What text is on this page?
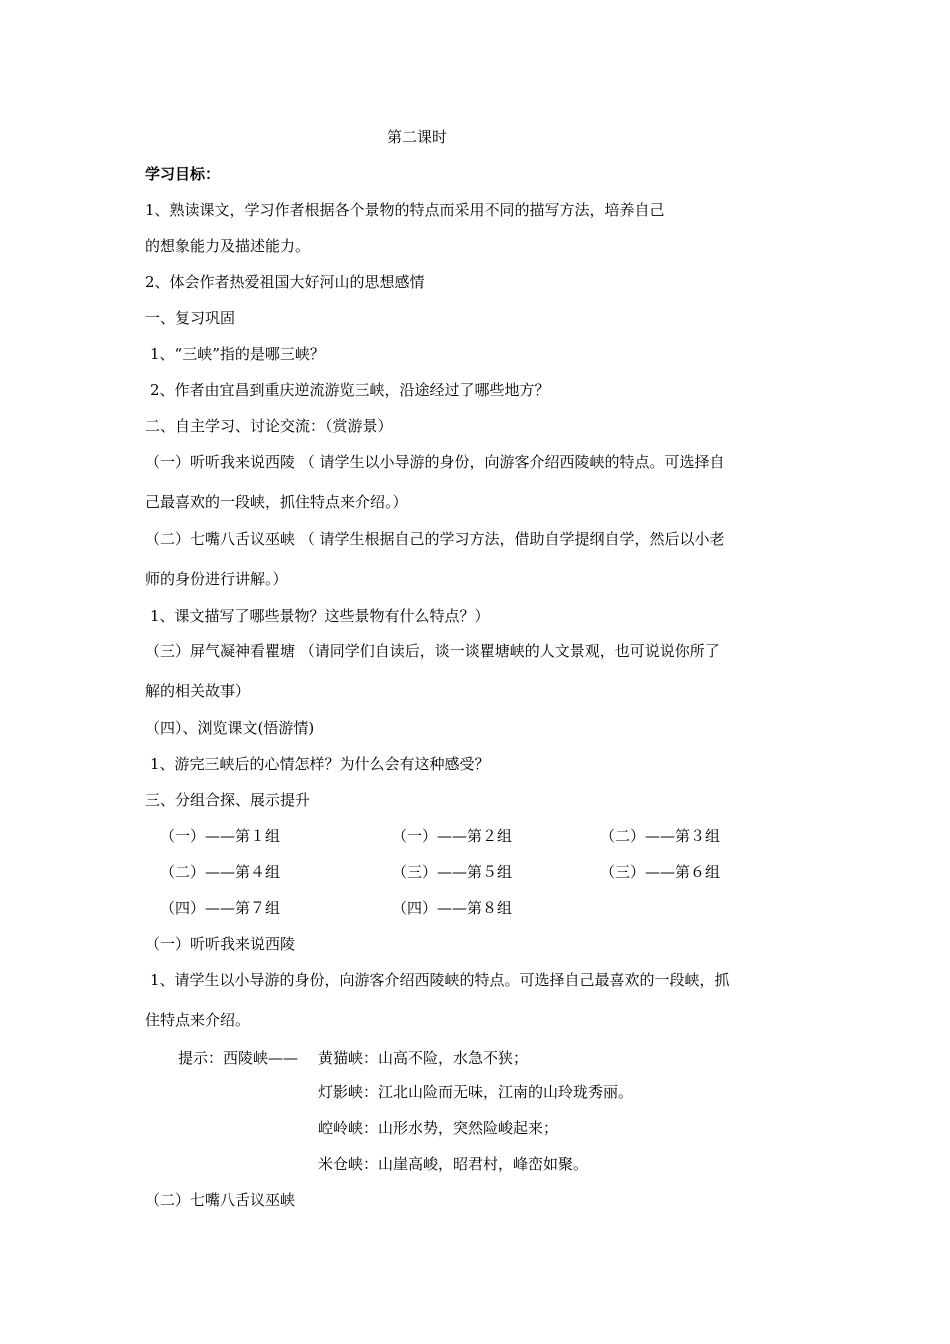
第二课时
学习目标：
1、熟读课文，学习作者根据各个景物的特点而采用不同的描写方法，培养自己
的想象能力及描述能力。
2、体会作者热爱祖国大好河山的思想感情
一、复习巩固
1、“三峡”指的是哪三峡？
2、作者由宜昌到重庆逆流游览三峡，沿途经过了哪些地方？
二、自主学习、讨论交流：（赏游景）
（一）听听我来说西陵 （ 请学生以小导游的身份，向游客介绍西陵峡的特点。可选择自
己最喜欢的一段峡，抓住特点来介绍。）
（二）七嘴八舌议巫峡 （ 请学生根据自己的学习方法，借助自学提纲自学，然后以小老
师的身份进行讲解。）
1、课文描写了哪些景物？这些景物有什么特点？）
（三）屏气凝神看瞿塘 （请同学们自读后，谈一谈瞿塘峡的人文景观，也可说说你所了
解的相关故事）
（四）、浏览课文(悟游情)
1、游完三峡后的心情怎样？为什么会有这种感受？
三、分组合探、展示提升
（一）——第１组	（一）——第２组	（二）——第３组
（二）——第４组	（三）——第５组	（三）——第６组
（四）——第７组	（四）——第８组
（一）听听我来说西陵
1、请学生以小导游的身份，向游客介绍西陵峡的特点。可选择自己最喜欢的一段峡，抓
住特点来介绍。
提示：西陵峡—— 黄猫峡：山高不险，水急不狭；
灯影峡：江北山险而无味，江南的山玲珑秀丽。
崆岭峡：山形水势，突然险峻起来；
米仓峡：山崖高峻，昭君村，峰峦如聚。
（二）七嘴八舌议巫峡
